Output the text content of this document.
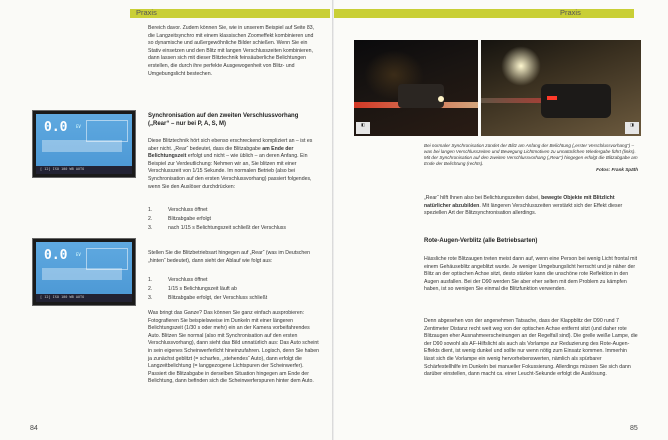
Praxis
Bereich davor. Zudem können Sie, wie in unserem Beispiel auf Seite 83, die Langzeitsynchro mit einem klassischen Zoomeffekt kombinieren und so dynamische und außergewöhnliche Bilder schießen. Wenn Sie ein Stativ einsetzen und den Blitz mit langen Verschlusszeiten kombinieren, dann lassen sich mit dieser Blitztechnik feinsäuberliche Belichtungen erstellen, die durch ihre perfekte Ausgewogenheit von Blitz- und Umgebungslicht bestechen.
0.0 EV
[ 12] ISO 100 WB AUTO
Synchronisation auf den zweiten Verschlussvorhang („Rear“ – nur bei P, A, S, M)
Diese Blitztechnik hört sich ebenso erschreckend kompliziert an – ist es aber nicht. „Rear“ bedeutet, dass die Blitzabgabe am Ende der Belichtungszeit erfolgt und nicht – wie üblich – an deren Anfang. Ein Beispiel zur Verdeutlichung: Nehmen wir an, Sie blitzen mit einer Verschlusszeit von 1/15 Sekunde. Im normalen Betrieb (also bei Synchronisation auf den ersten Verschlussvorhang) passiert folgendes, wenn Sie den Auslöser durchdrücken:
1.	Verschluss öffnet
2.	Blitzabgabe erfolgt
3.	nach 1/15 s Belichtungszeit schließt der Verschluss
0.0 EV
[ 12] ISO 100 WB AUTO
Stellen Sie die Blitzbetriebsart hingegen auf „Rear“ (was im Deutschen „hinten“ bedeutet), dann sieht der Ablauf wie folgt aus:
1.	Verschluss öffnet
2.	1/15 s Belichtungszeit läuft ab
3.	Blitzabgabe erfolgt, der Verschluss schließt
Was bringt das Ganze? Das können Sie ganz einfach ausprobieren: Fotografieren Sie beispielsweise im Dunkeln mit einer längeren Belichtungszeit (1/30 s oder mehr) ein an der Kamera vorbeifahrendes Auto. Blitzen Sie normal (also mit Synchronisation auf den ersten Verschlussvorhang), dann sieht das Bild unnatürlich aus: Das Auto scheint in sein eigenes Scheinwerferlicht hineinzufahren. Logisch, denn Sie haben ja zunächst geblitzt (= scharfes, „stehendes“ Auto), dann erfolgt die Langzeitbelichtung (= langgezogene Lichtspuren der Scheinwerfer). Passiert die Blitzabgabe in derselben Situation hingegen am Ende der Belichtung, dann befinden sich die Scheinwerferspuren hinter dem Auto.
84
Praxis
◧	◨
Bei normaler Synchronisation zündet der Blitz am Anfang der Belichtung („erster Verschlussvorhang“) – was bei langen Verschlusszeiten und Bewegung Lichtmotiven zu unnatürlichen Wiedergabe führt (links). Mit der Synchronisation auf den zweiten Verschlussvorhang („Rear“) hingegen erfolgt die Blitzabgabe am Ende der Belichtung (rechts).
Fotos: Frank Späth
„Rear“ hilft Ihnen also bei Belichtungszeiten dabei, bewegte Objekte mit Blitzlicht natürlicher abzubilden. Mit längeren Verschlusszeiten verstärkt sich der Effekt dieser speziellen Art der Blitzsynchronisation allerdings.
Rote-Augen-Verblitz (alle Betriebsarten)
Hässliche rote Blitzaugen treten meist dann auf, wenn eine Person bei wenig Licht frontal mit einem Gehäuseblitz angeblitzt wurde. Je weniger Umgebungslicht herrscht und je näher der Blitz an der optischen Achse sitzt, desto stärker kann die unschöne rote Reflektion in den Augen ausfallen. Bei der D90 werden Sie aber eher selten mit dem Problem zu kämpfen haben, ist so wenigen Sie einmal die Blitzfunktion verwenden.
Denn abgesehen von der angenehmen Tatsache, dass der Klappblitz der D90 rund 7 Zentimeter Distanz recht weit weg von der optischen Achse entfernt sitzt (und daher rote Blitzaugen eher Ausnahmeerscheinungen an der Regelfall sind). Die grelle weiße Lampe, die der D90 sowohl als AF-Hilfslicht als auch als Vorlampe zur Reduzierung des Rote-Augen-Effekts dient, ist wenig dunkel und sollte nur wenn nötig zum Einsatz kommen. Immerhin lässt sich die Vorlampe ein wenig hervorhebenswerten, nämlich als spürbarer Schärfestellhilfe im Dunkeln bei manueller Fokussierung. Allerdings müssen Sie sich dann darüber einstellen, dann macht ca. einer Leucht-Sekunde erfolgt die Auslösung.
85
